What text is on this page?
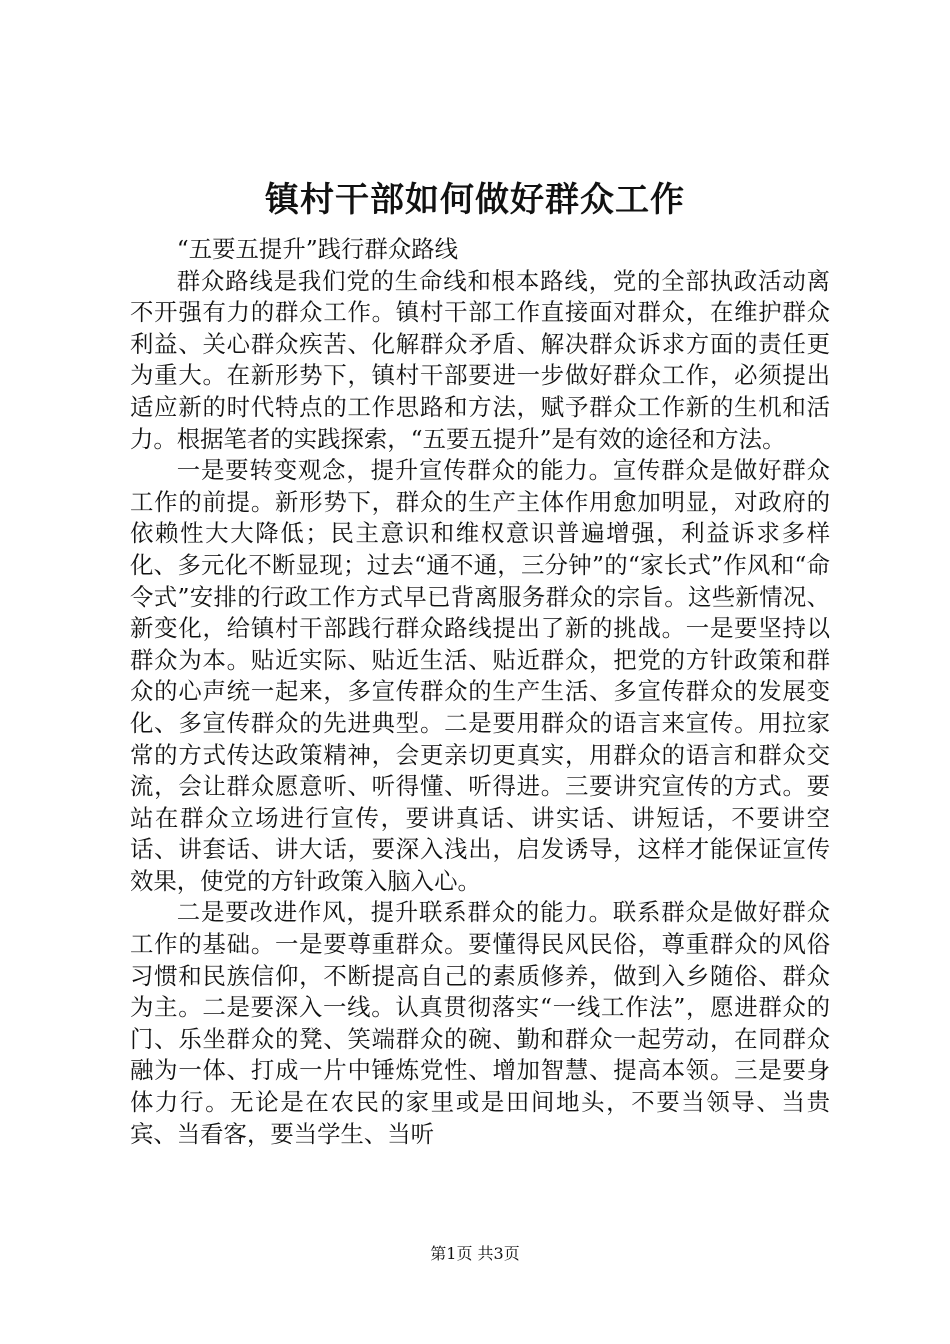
镇村干部如何做好群众工作

“五要五提升”践行群众路线

群众路线是我们党的生命线和根本路线，党的全部执政活动离不开强有力的群众工作。镇村干部工作直接面对群众，在维护群众利益、关心群众疾苦、化解群众矛盾、解决群众诉求方面的责任更为重大。在新形势下，镇村干部要进一步做好群众工作，必须提出适应新的时代特点的工作思路和方法，赋予群众工作新的生机和活力。根据笔者的实践探索，“五要五提升”是有效的途径和方法。

一是要转变观念，提升宣传群众的能力。宣传群众是做好群众工作的前提。新形势下，群众的生产主体作用愈加明显，对政府的依赖性大大降低；民主意识和维权意识普遍增强，利益诉求多样化、多元化不断显现；过去“通不通，三分钟”的“家长式”作风和“命令式”安排的行政工作方式早已背离服务群众的宗旨。这些新情况、新变化，给镇村干部践行群众路线提出了新的挑战。一是要坚持以群众为本。贴近实际、贴近生活、贴近群众，把党的方针政策和群众的心声统一起来，多宣传群众的生产生活、多宣传群众的发展变化、多宣传群众的先进典型。二是要用群众的语言来宣传。用拉家常的方式传达政策精神，会更亲切更真实，用群众的语言和群众交流，会让群众愿意听、听得懂、听得进。三要讲究宣传的方式。要站在群众立场进行宣传，要讲真话、讲实话、讲短话，不要讲空话、讲套话、讲大话，要深入浅出，启发诱导，这样才能保证宣传效果，使党的方针政策入脑入心。

二是要改进作风，提升联系群众的能力。联系群众是做好群众工作的基础。一是要尊重群众。要懂得民风民俗，尊重群众的风俗习惯和民族信仰，不断提高自己的素质修养，做到入乡随俗、群众为主。二是要深入一线。认真贯彻落实“一线工作法”，愿进群众的门、乐坐群众的凳、笑端群众的碗、勤和群众一起劳动，在同群众融为一体、打成一片中锤炼党性、增加智慧、提高本领。三是要身体力行。无论是在农民的家里或是田间地头，不要当领导、当贵宾、当看客，要当学生、当听

第1页 共3页
